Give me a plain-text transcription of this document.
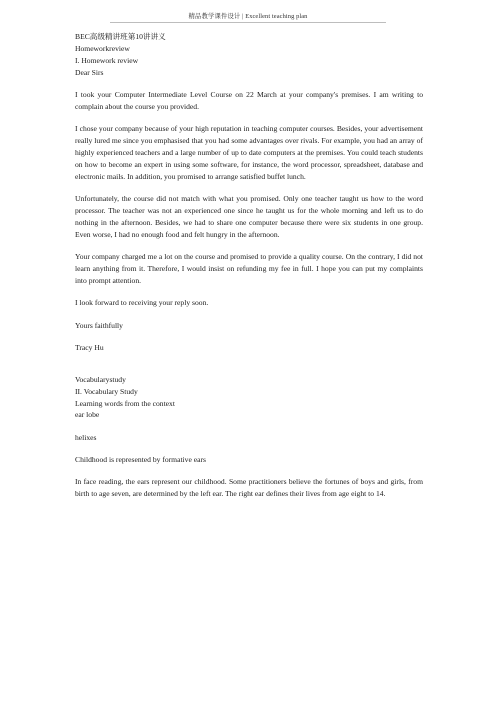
精品教学课件设计 | Excellent teaching plan

BEC高级精讲班第10讲讲义

Homeworkreview

I. Homework review

Dear Sirs

I took your Computer Intermediate Level Course on 22 March at your company's premises. I am writing to complain about the course you provided.

I chose your company because of your high reputation in teaching computer courses. Besides, your advertisement really lured me since you emphasised that you had some advantages over rivals. For example, you had an array of highly experienced teachers and a large number of up to date computers at the premises. You could teach students on how to become an expert in using some software, for instance, the word processor, spreadsheet, database and electronic mails. In addition, you promised to arrange satisfied buffet lunch.

Unfortunately, the course did not match with what you promised. Only one teacher taught us how to the word processor. The teacher was not an experienced one since he taught us for the whole morning and left us to do nothing in the afternoon. Besides, we had to share one computer because there were six students in one group. Even worse, I had no enough food and felt hungry in the afternoon.

Your company charged me a lot on the course and promised to provide a quality course. On the contrary, I did not learn anything from it. Therefore, I would insist on refunding my fee in full. I hope you can put my complaints into prompt attention.

I look forward to receiving your reply soon.

Yours faithfully

Tracy Hu

Vocabularystudy

II. Vocabulary Study

Learning words from the context

ear lobe

helixes

Childhood is represented by formative ears

In face reading, the ears represent our childhood. Some practitioners believe the fortunes of boys and girls, from birth to age seven, are determined by the left ear. The right ear defines their lives from age eight to 14.
